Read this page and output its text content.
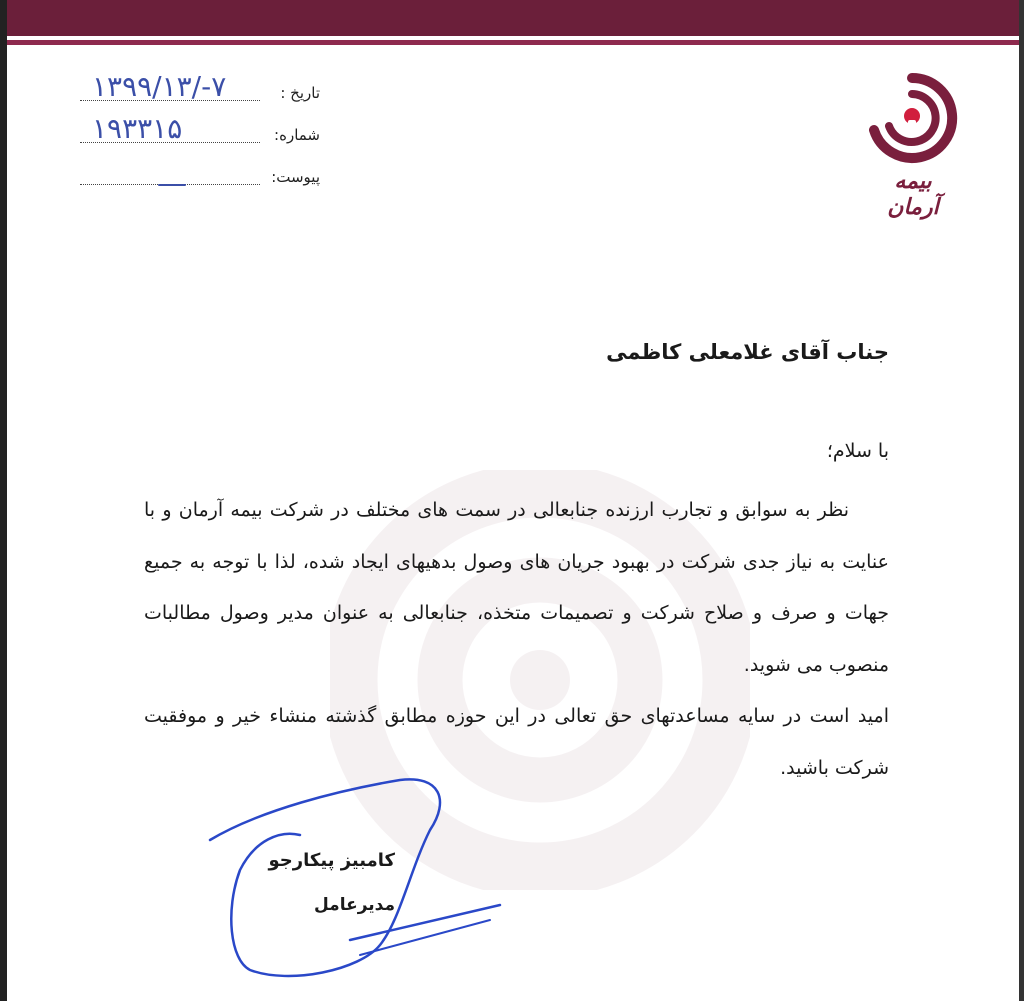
تاریخ :
۱۳۹۹/۱۳/-۷
شماره:
۱۹۳۳۱۵
پیوست:	بیمه آرمان
جناب آقای غلامعلی کاظمی
با سلام؛

نظر به سوابق و تجارب ارزنده جنابعالی در سمت های مختلف در شرکت بیمه آرمان و با عنایت به نیاز جدی شرکت در بهبود جریان های وصول بدهیهای ایجاد شده، لذا با توجه به جمیع جهات و صرف و صلاح شرکت و تصمیمات متخذه، جنابعالی به عنوان مدیر وصول مطالبات منصوب می شوید.

امید است در سایه مساعدتهای حق تعالی در این حوزه مطابق گذشته منشاء خیر و موفقیت شرکت باشید.

کامبیز پیکارجو
مدیرعامل
